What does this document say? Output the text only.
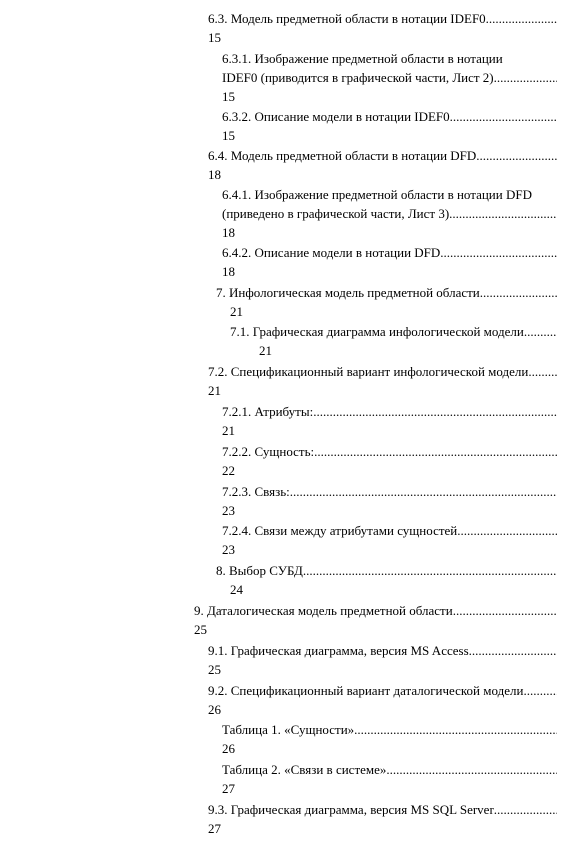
6.3. Модель предметной области в нотации IDEF0
.....
15
6.3.1. Изображение предметной области в нотации
IDEF0 (приводится в графической части, Лист 2).
.....
15
6.3.2. Описание модели в нотации IDEF0
.....
15
6.4. Модель предметной области в нотации DFD
.....
18
6.4.1. Изображение предметной области в нотации DFD
(приведено в графической части, Лист 3).
.....
18
6.4.2. Описание модели в нотации DFD
.....
18
7. Инфологическая модель предметной области
.....
21
7.1. Графическая диаграмма инфологической модели
.....
21
7.2. Спецификационный вариант инфологической модели
.....
21
7.2.1. Атрибуты:
.....
21
7.2.2. Сущность:
.....
22
7.2.3. Связь:
.....
23
7.2.4. Связи между атрибутами сущностей.
.....
23
8. Выбор СУБД
.....
24
9. Даталогическая модель предметной области
.....
25
9.1. Графическая диаграмма, версия MS Access.
.....
25
9.2. Спецификационный вариант даталогической модели.
.....
26
Таблица 1. «Сущности»
.....
26
Таблица 2. «Связи в системе»
.....
27
9.3. Графическая диаграмма, версия MS SQL Server
.....
27
